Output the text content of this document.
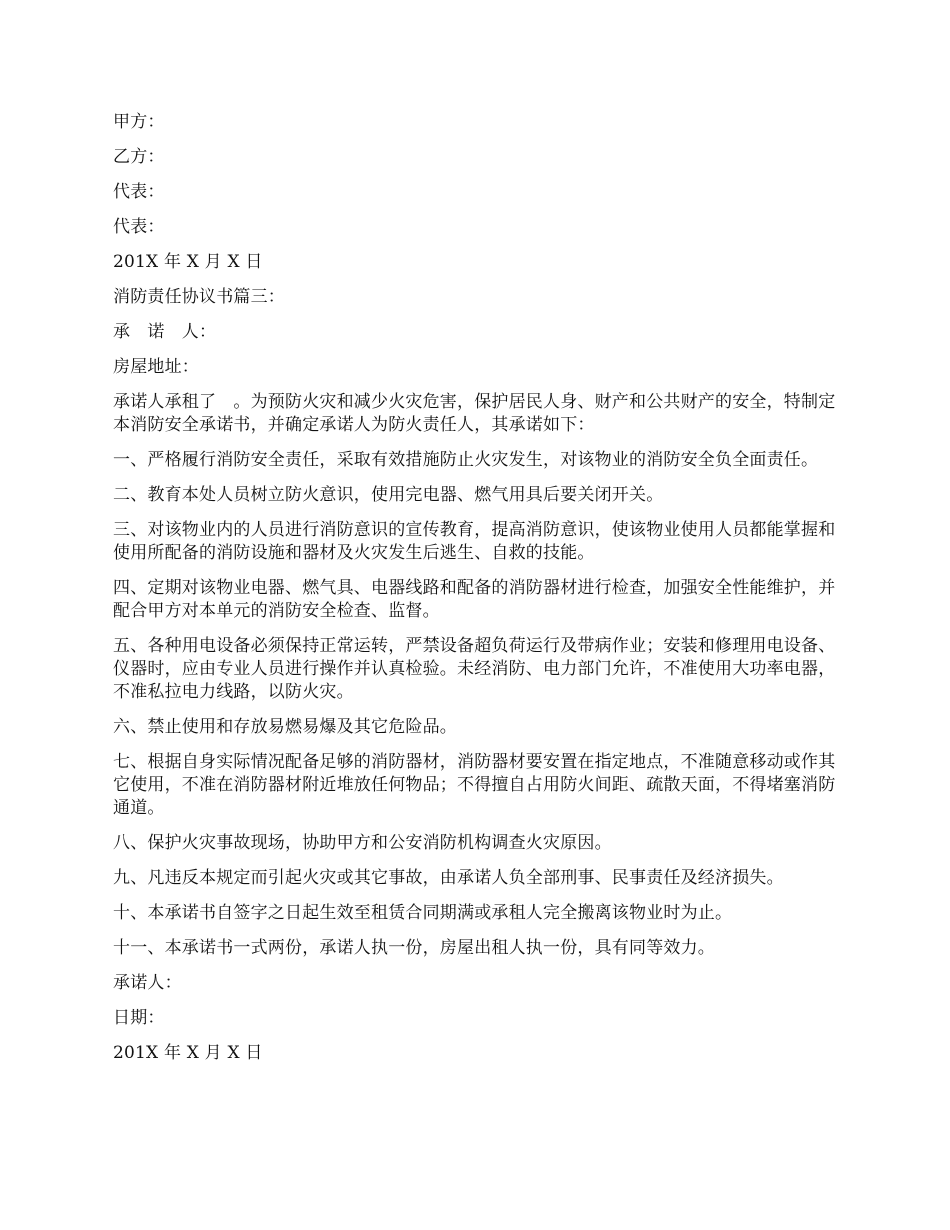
甲方：

乙方：

代表：

代表：

201X 年 X 月 X 日

消防责任协议书篇三：

承　诺　人：

房屋地址：

承诺人承租了　。为预防火灾和减少火灾危害，保护居民人身、财产和公共财产的安全，特制定本消防安全承诺书，并确定承诺人为防火责任人，其承诺如下：

一、严格履行消防安全责任，采取有效措施防止火灾发生，对该物业的消防安全负全面责任。

二、教育本处人员树立防火意识，使用完电器、燃气用具后要关闭开关。

三、对该物业内的人员进行消防意识的宣传教育，提高消防意识，使该物业使用人员都能掌握和使用所配备的消防设施和器材及火灾发生后逃生、自救的技能。

四、定期对该物业电器、燃气具、电器线路和配备的消防器材进行检查，加强安全性能维护，并配合甲方对本单元的消防安全检查、监督。

五、各种用电设备必须保持正常运转，严禁设备超负荷运行及带病作业；安装和修理用电设备、仪器时，应由专业人员进行操作并认真检验。未经消防、电力部门允许，不准使用大功率电器，不准私拉电力线路，以防火灾。

六、禁止使用和存放易燃易爆及其它危险品。

七、根据自身实际情况配备足够的消防器材，消防器材要安置在指定地点，不准随意移动或作其它使用，不准在消防器材附近堆放任何物品；不得擅自占用防火间距、疏散天面，不得堵塞消防通道。

八、保护火灾事故现场，协助甲方和公安消防机构调查火灾原因。

九、凡违反本规定而引起火灾或其它事故，由承诺人负全部刑事、民事责任及经济损失。

十、本承诺书自签字之日起生效至租赁合同期满或承租人完全搬离该物业时为止。

十一、本承诺书一式两份，承诺人执一份，房屋出租人执一份，具有同等效力。

承诺人：

日期：

201X 年 X 月 X 日
